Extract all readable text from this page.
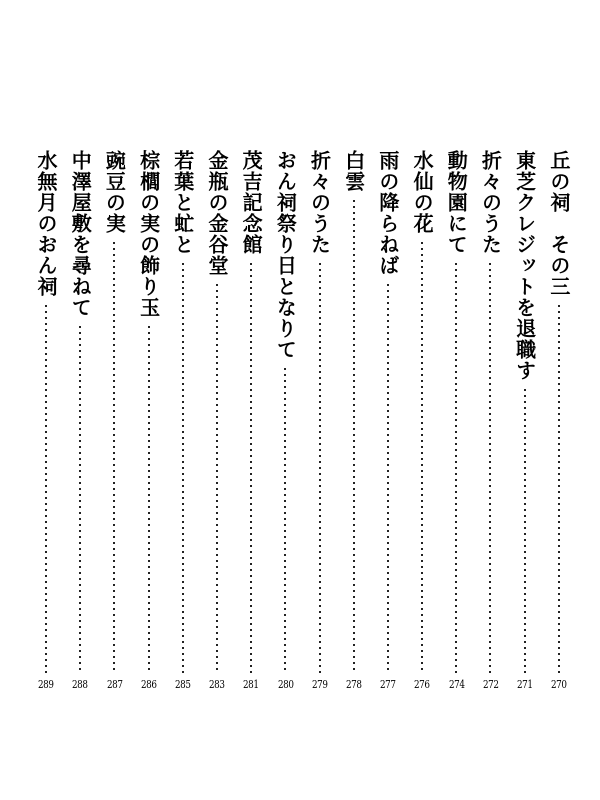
丘の祠　その三
270
東芝クレジットを退職す
271
折々のうた
272
動物園にて
274
水仙の花
276
雨の降らねば
277
白雲
278
折々のうた
279
おん祠祭り日となりて
280
茂吉記念館
281
金瓶の金谷堂
283
若葉と虻と
285
棕櫚の実の飾り玉
286
豌豆の実
287
中澤屋敷を尋ねて
288
水無月のおん祠
289
